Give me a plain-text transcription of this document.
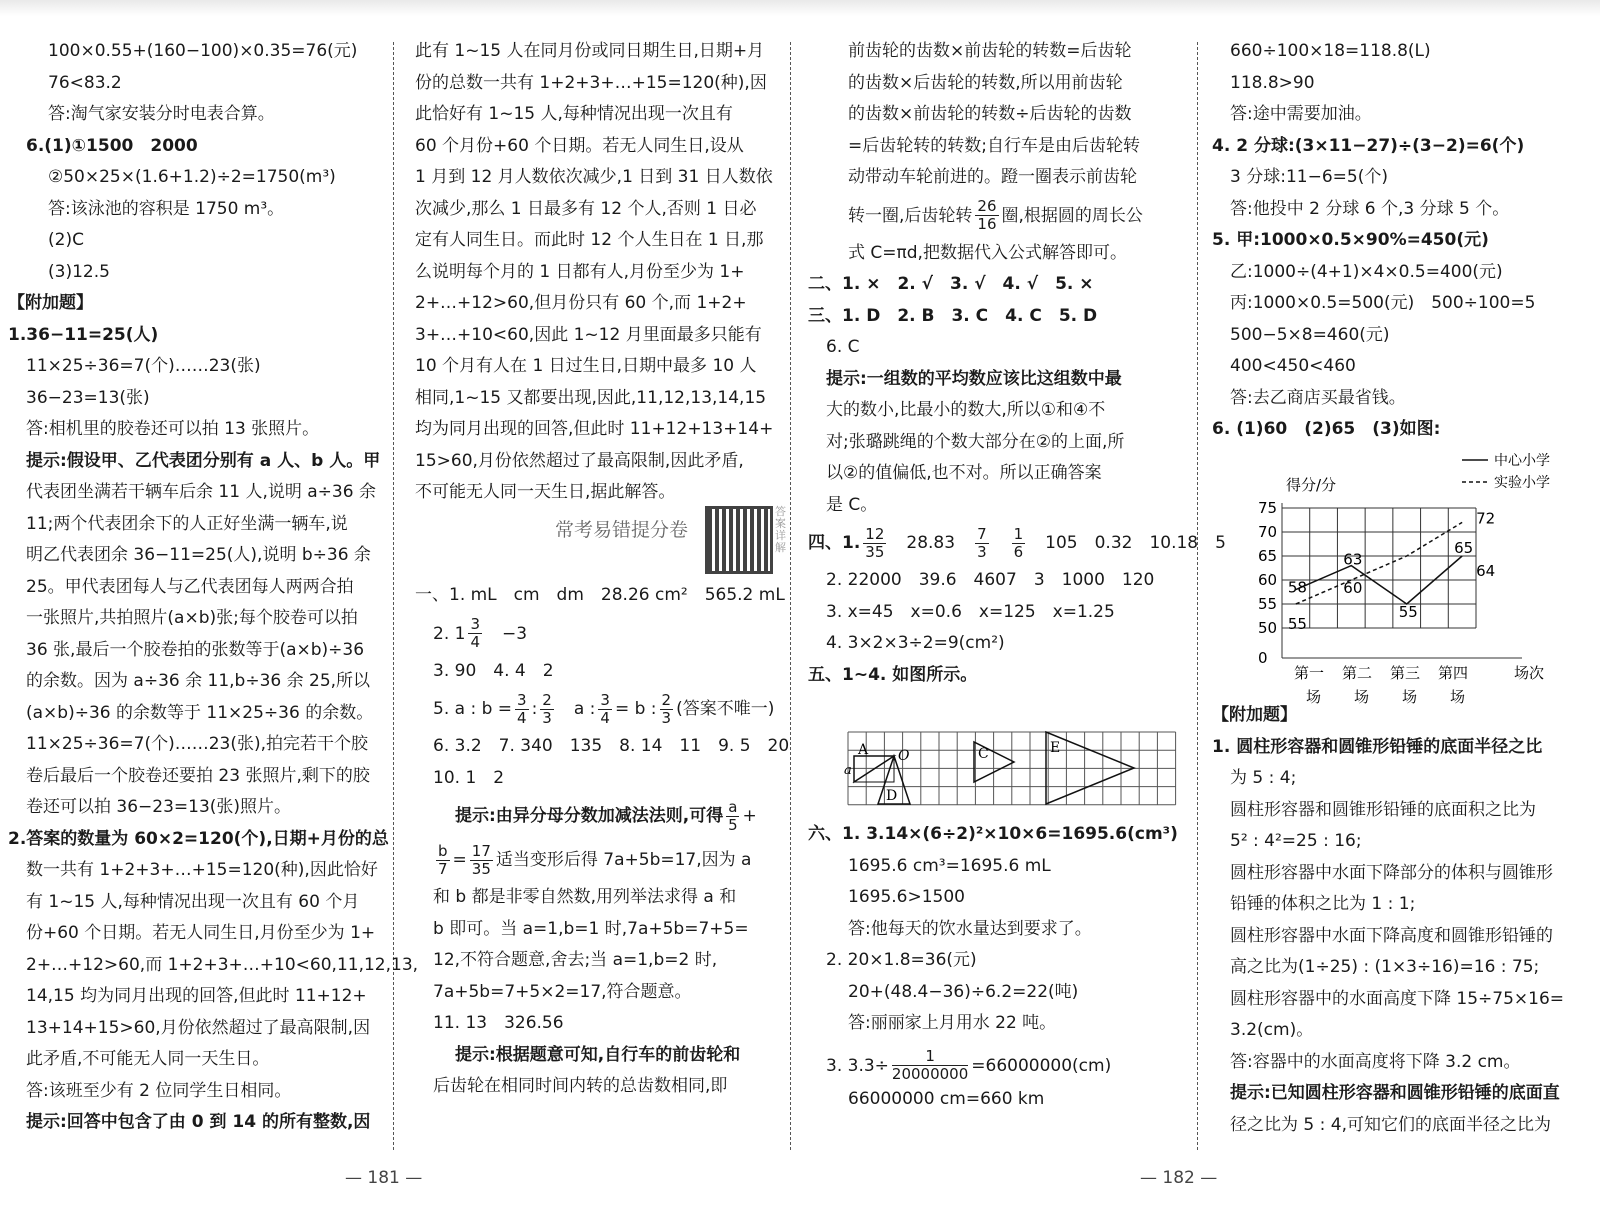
100×0.55+(160−100)×0.35=76(元)
76<83.2
答:淘气家安装分时电表合算。
6.(1)①1500　2000
②50×25×(1.6+1.2)÷2=1750(m³)
答:该泳池的容积是 1750 m³。
(2)C
(3)12.5
【附加题】
1.36−11=25(人)
11×25÷36=7(个)……23(张)
36−23=13(张)
答:相机里的胶卷还可以拍 13 张照片。
提示:假设甲、乙代表团分别有 a 人、b 人。甲
代表团坐满若干辆车后余 11 人,说明 a÷36 余
11;两个代表团余下的人正好坐满一辆车,说
明乙代表团余 36−11=25(人),说明 b÷36 余
25。甲代表团每人与乙代表团每人两两合拍
一张照片,共拍照片(a×b)张;每个胶卷可以拍
36 张,最后一个胶卷拍的张数等于(a×b)÷36
的余数。因为 a÷36 余 11,b÷36 余 25,所以
(a×b)÷36 的余数等于 11×25÷36 的余数。
11×25÷36=7(个)……23(张),拍完若干个胶
卷后最后一个胶卷还要拍 23 张照片,剩下的胶
卷还可以拍 36−23=13(张)照片。
2.答案的数量为 60×2=120(个),日期+月份的总
数一共有 1+2+3+…+15=120(种),因此恰好
有 1~15 人,每种情况出现一次且有 60 个月
份+60 个日期。若无人同生日,月份至少为 1+
2+…+12>60,而 1+2+3+…+10<60,11,12,13,
14,15 均为同月出现的回答,但此时 11+12+
13+14+15>60,月份依然超过了最高限制,因
此矛盾,不可能无人同一天生日。
答:该班至少有 2 位同学生日相同。
提示:回答中包含了由 0 到 14 的所有整数,因
此有 1~15 人在同月份或同日期生日,日期+月
份的总数一共有 1+2+3+…+15=120(种),因
此恰好有 1~15 人,每种情况出现一次且有
60 个月份+60 个日期。若无人同生日,设从
1 月到 12 月人数依次减少,1 日到 31 日人数依
次减少,那么 1 日最多有 12 个人,否则 1 日必
定有人同生日。而此时 12 个人生日在 1 日,那
么说明每个月的 1 日都有人,月份至少为 1+
2+…+12>60,但月份只有 60 个,而 1+2+
3+…+10<60,因此 1~12 月里面最多只能有
10 个月有人在 1 日过生日,日期中最多 10 人
相同,1~15 又都要出现,因此,11,12,13,14,15
均为同月出现的回答,但此时 11+12+13+14+
15>60,月份依然超过了最高限制,因此矛盾,
不可能无人同一天生日,据此解答。
常考易错提分卷
答案详解
一、1. mL　cm　dm　28.26 cm²　565.2 mL
2. $1 \frac{3}{4}$
　 −3
3. 90　4. 4　2
5. a : $b = \frac{3}{4}$ : $\frac{2}{3}$
　 a : $\frac{3}{4} = b$ : $\frac{2}{3}$ (答案不唯一)
6. 3.2　7. 340　135　8. 14　11　9. 5　20
10. 1　2
提示:由异分母分数加减法法则,可得 $\frac{a}{5}$ +
$\frac{b}{7} = \frac{17}{35}$ 适当变形后得 7a+5b=17,因为 a
和 b 都是非零自然数,用列举法求得 a 和
b 即可。当 a=1,b=1 时,7a+5b=7+5=
12,不符合题意,舍去;当 a=1,b=2 时,
7a+5b=7+5×2=17,符合题意。
11. 13　326.56
提示:根据题意可知,自行车的前齿轮和
后齿轮在相同时间内转的总齿数相同,即
前齿轮的齿数×前齿轮的转数=后齿轮
的齿数×后齿轮的转数,所以用前齿轮
的齿数×前齿轮的转数÷后齿轮的齿数
=后齿轮转的转数;自行车是由后齿轮转
动带动车轮前进的。蹬一圈表示前齿轮
转一圈,后齿轮转 $\frac{26}{16}$ 圈,根据圆的周长公
式 C=πd,把数据代入公式解答即可。
二、1. ×　2. √　3. √　4. √　5. ×
三、1. D　2. B　3. C　4. C　5. D
6. C
提示:一组数的平均数应该比这组数中最
大的数小,比最小的数大,所以①和④不
对;张璐跳绳的个数大部分在②的上面,所
以②的值偏低,也不对。所以正确答案
是 C。
四、1. $\frac{12}{35}$
　 28.83　 $\frac{7}{3}$
　 $\frac{1}{6}$
　 105　0.32　10.18　5
2. 22000　39.6　4607　3　1000　120
3. x=45　x=0.6　x=125　x=1.25
4. 3×2×3÷2=9(cm²)
五、1~4. 如图所示。
六、1. 3.14×(6÷2)²×10×6=1695.6(cm³)
1695.6 cm³=1695.6 mL
1695.6>1500
答:他每天的饮水量达到要求了。
2. 20×1.8=36(元)
20+(48.4−36)÷6.2=22(吨)
答:丽丽家上月用水 22 吨。
3. $3.3\div \frac{1}{20000000} =66000000(cm)$
66000000 cm=660 km
A O
a
C
D
E
660÷100×18=118.8(L)
118.8>90
答:途中需要加油。
4. 2 分球:(3×11−27)÷(3−2)=6(个)
3 分球:11−6=5(个)
答:他投中 2 分球 6 个,3 分球 5 个。
5. 甲:1000×0.5×90%=450(元)
乙:1000÷(4+1)×4×0.5=400(元)
丙:1000×0.5=500(元)　500÷100=5
500−5×8=460(元)
400<450<460
答:去乙商店买最省钱。
6. (1)60　(2)65　(3)如图:
得分/分
中心小学
实验小学
0
50
55
60
65
70
75
第一
场
第二
场
第三
场
第四
场
场次
58
63
55
65
55
60
64
72
【附加题】
1. 圆柱形容器和圆锥形铅锤的底面半径之比
为 5 : 4;
圆柱形容器和圆锥形铅锤的底面积之比为
5² : 4²=25 : 16;
圆柱形容器中水面下降部分的体积与圆锥形
铅锤的体积之比为 1 : 1;
圆柱形容器中水面下降高度和圆锥形铅锤的
高之比为(1÷25) : (1×3÷16)=16 : 75;
圆柱形容器中的水面高度下降 15÷75×16=
3.2(cm)。
答:容器中的水面高度将下降 3.2 cm。
提示:已知圆柱形容器和圆锥形铅锤的底面直
径之比为 5 : 4,可知它们的底面半径之比为
— 181 —	— 182 —
